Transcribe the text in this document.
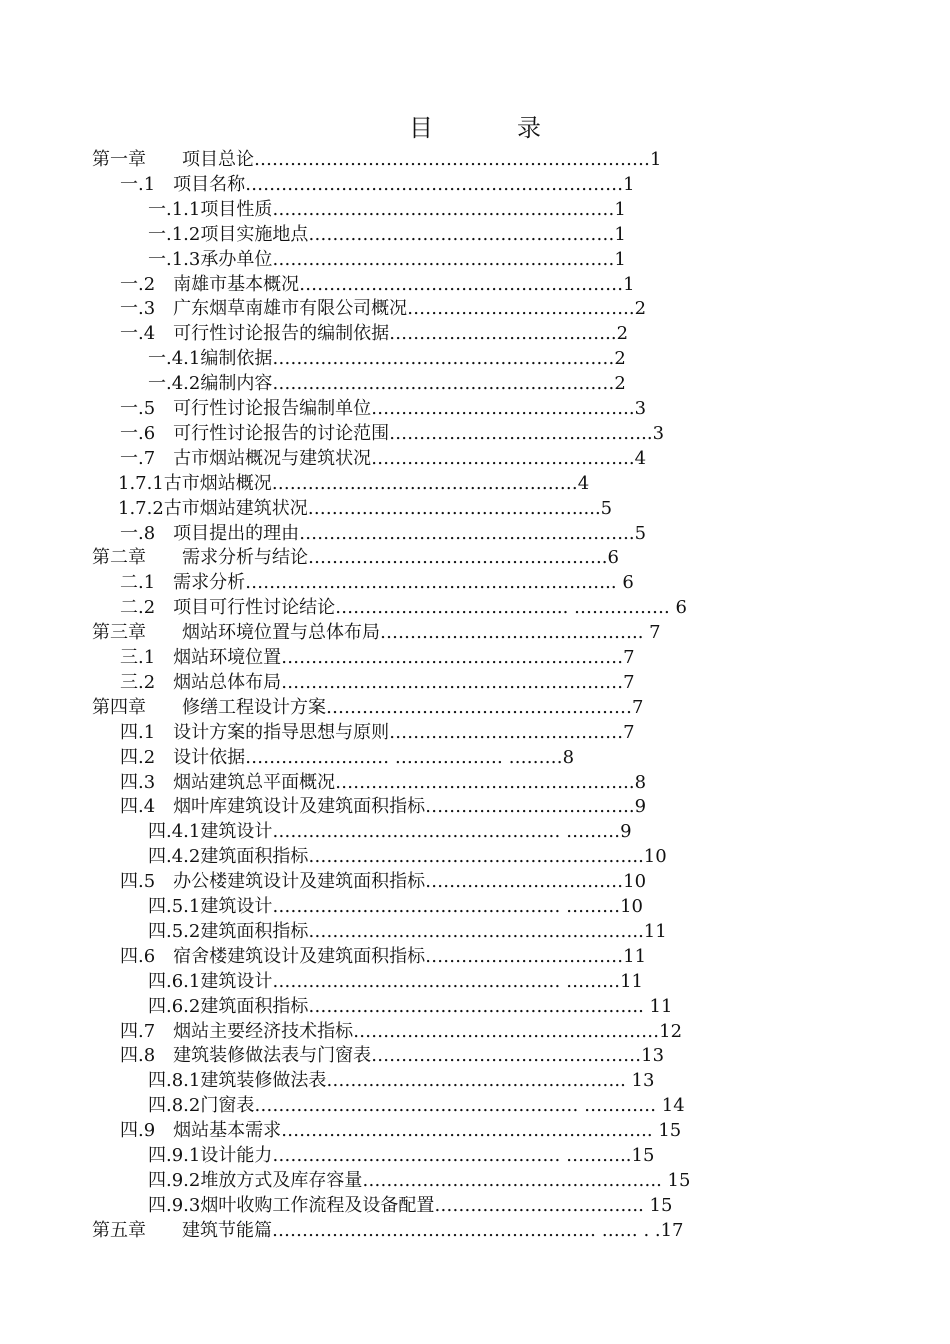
目　录
第一章　　项目总论…………………………………………………………1
一.1　项目名称………………………………………………………1
一.1.1项目性质…………………………………………………1
一.1.2项目实施地点……………………………………………1
一.1.3承办单位…………………………………………………1
一.2　南雄市基本概况………………………………………………1
一.3　广东烟草南雄市有限公司概况………………………………..2
一.4　可行性讨论报告的编制依据………………………………..2
一.4.1编制依据…………………………………………………2
一.4.2编制内容…………………………………………………2
一.5　可行性讨论报告编制单位……………………………………..3
一.6　可行性讨论报告的讨论范围……………………………………..3
一.7　古市烟站概况与建筑状况……………………………………..4
1.7.1古市烟站概况……………………………………………4
1.7.2古市烟站建筑状况………………………………………....5
一.8　项目提出的理由………………………………………………..5
第二章　　需求分析与结论…………………………………………..6
二.1　需求分析…………………………………………………….. 6
二.2　项目可行性讨论结论………………………………... ……………. 6
第三章　　烟站环境位置与总体布局…………………………………….. 7
三.1　烟站环境位置…………………………………………………7
三.2　烟站总体布局…………………………………………………7
第四章　　修缮工程设计方案……………………………………………7
四.1　设计方案的指导思想与原则…………………………………7
四.2　设计依据…………………… ……………… ………8
四.3　烟站建筑总平面概况…………………………………………..8
四.4　烟叶库建筑设计及建筑面积指标……………………………..9
四.4.1建筑设计………………………………………… ………9
四.4.2建筑面积指标………………………………………………..10
四.5　办公楼建筑设计及建筑面积指标……………………………10
四.5.1建筑设计………………………………………… ………10
四.5.2建筑面积指标………………………………………………..11
四.6　宿舍楼建筑设计及建筑面积指标……………………………11
四.6.1建筑设计………………………………………… ………11
四.6.2建筑面积指标……………………………………………….. 11
四.7　烟站主要经济技术指标……………………………………………12
四.8　建筑装修做法表与门窗表………………………………………13
四.8.1建筑装修做法表………………………………………….. 13
四.8.2门窗表……………………………………………… ………… 14
四.9　烟站基本需求…………………………………………………….. 15
四.9.1设计能力………………………………………… ………..15
四.9.2堆放方式及库存容量………………………………………….. 15
四.9.3烟叶收购工作流程及设备配置…………………………….. 15
第五章　　建筑节能篇……………………………………………… …… . .17
